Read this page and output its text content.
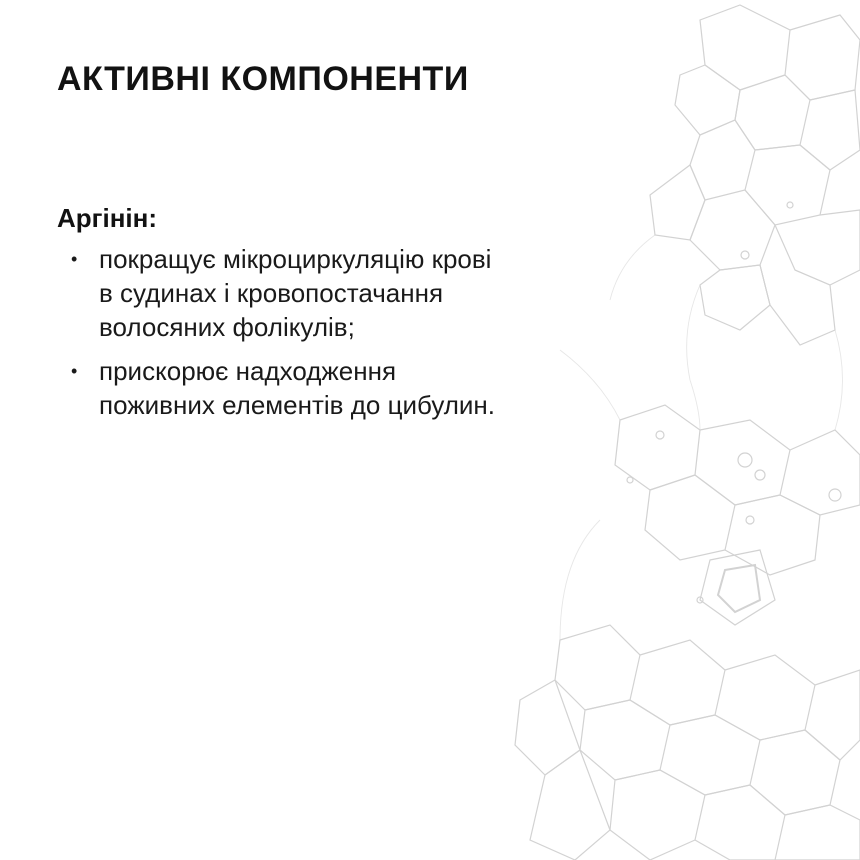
АКТИВНІ КОМПОНЕНТИ
Аргінін:
• покращує мікроциркуляцію крові
в судинах і кровопостачання
волосяних фолікулів;
• прискорює надходження
поживних елементів до цибулин.
